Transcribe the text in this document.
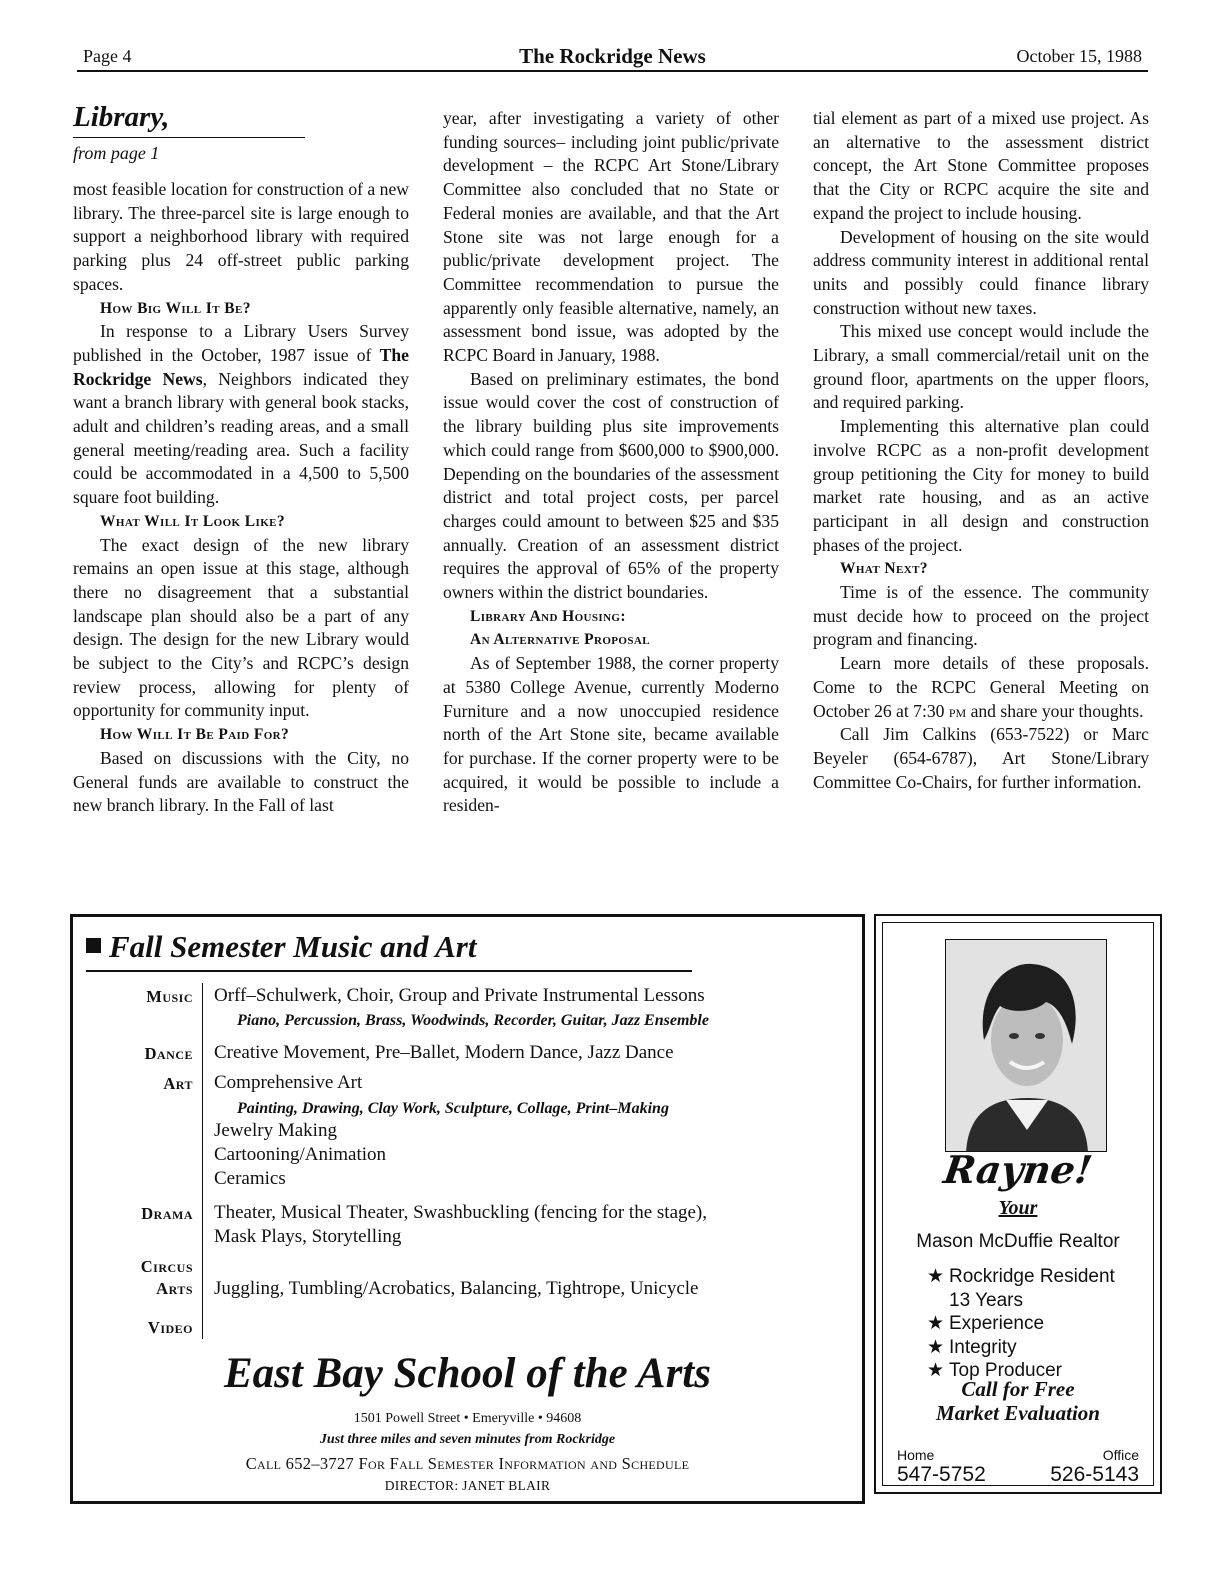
Page 4	The Rockridge News	October 15, 1988
Library,
from page 1

most feasible location for construction of a new library. The three-parcel site is large enough to support a neighborhood library with required parking plus 24 off-street public parking spaces.

How Big Will It Be?

In response to a Library Users Survey published in the October, 1987 issue of The Rockridge News, Neighbors indicated they want a branch library with general book stacks, adult and children’s reading areas, and a small general meeting/reading area. Such a facility could be accommodated in a 4,500 to 5,500 square foot building.

What Will It Look Like?

The exact design of the new library remains an open issue at this stage, although there no disagreement that a substantial landscape plan should also be a part of any design. The design for the new Library would be subject to the City’s and RCPC’s design review process, allowing for plenty of opportunity for community input.

How Will It Be Paid For?

Based on discussions with the City, no General funds are available to construct the new branch library. In the Fall of last

year, after investigating a variety of other funding sources– including joint public/private development – the RCPC Art Stone/Library Committee also concluded that no State or Federal monies are available, and that the Art Stone site was not large enough for a public/private development project. The Committee recommendation to pursue the apparently only feasible alternative, namely, an assessment bond issue, was adopted by the RCPC Board in January, 1988.

Based on preliminary estimates, the bond issue would cover the cost of construction of the library building plus site improvements which could range from $600,000 to $900,000. Depending on the boundaries of the assessment district and total project costs, per parcel charges could amount to between $25 and $35 annually. Creation of an assessment district requires the approval of 65% of the property owners within the district boundaries.

Library And Housing:
An Alternative Proposal

As of September 1988, the corner property at 5380 College Avenue, currently Moderno Furniture and a now unoccupied residence north of the Art Stone site, became available for purchase. If the corner property were to be acquired, it would be possible to include a residen-

tial element as part of a mixed use project. As an alternative to the assessment district concept, the Art Stone Committee proposes that the City or RCPC acquire the site and expand the project to include housing.

Development of housing on the site would address community interest in additional rental units and possibly could finance library construction without new taxes.

This mixed use concept would include the Library, a small commercial/retail unit on the ground floor, apartments on the upper floors, and required parking.

Implementing this alternative plan could involve RCPC as a non-profit development group petitioning the City for money to build market rate housing, and as an active participant in all design and construction phases of the project.

What Next?

Time is of the essence. The community must decide how to proceed on the project program and financing.

Learn more details of these proposals. Come to the RCPC General Meeting on October 26 at 7:30 pm and share your thoughts.

Call Jim Calkins (653-7522) or Marc Beyeler (654-6787), Art Stone/Library Committee Co-Chairs, for further information.

Fall Semester Music and Art
Music Orff–Schulwerk, Choir, Group and Private Instrumental Lessons
Piano, Percussion, Brass, Woodwinds, Recorder, Guitar, Jazz Ensemble
Dance Creative Movement, Pre–Ballet, Modern Dance, Jazz Dance
Art Comprehensive Art
Painting, Drawing, Clay Work, Sculpture, Collage, Print–Making
Jewelry Making
Cartooning/Animation
Ceramics
Drama Theater, Musical Theater, Swashbuckling (fencing for the stage),
Mask Plays, Storytelling
Circus
Arts Juggling, Tumbling/Acrobatics, Balancing, Tightrope, Unicycle
Video
East Bay School of the Arts
1501 Powell Street • Emeryville • 94608
Just three miles and seven minutes from Rockridge
Call 652–3727 For Fall Semester Information and Schedule
DIRECTOR: JANET BLAIR
Rayne!
Your
Mason McDuffie Realtor
★ Rockridge Resident
13 Years
★ Experience
★ Integrity
★ Top Producer
Call for Free
Market Evaluation
Home
547-5752
Office
526-5143
